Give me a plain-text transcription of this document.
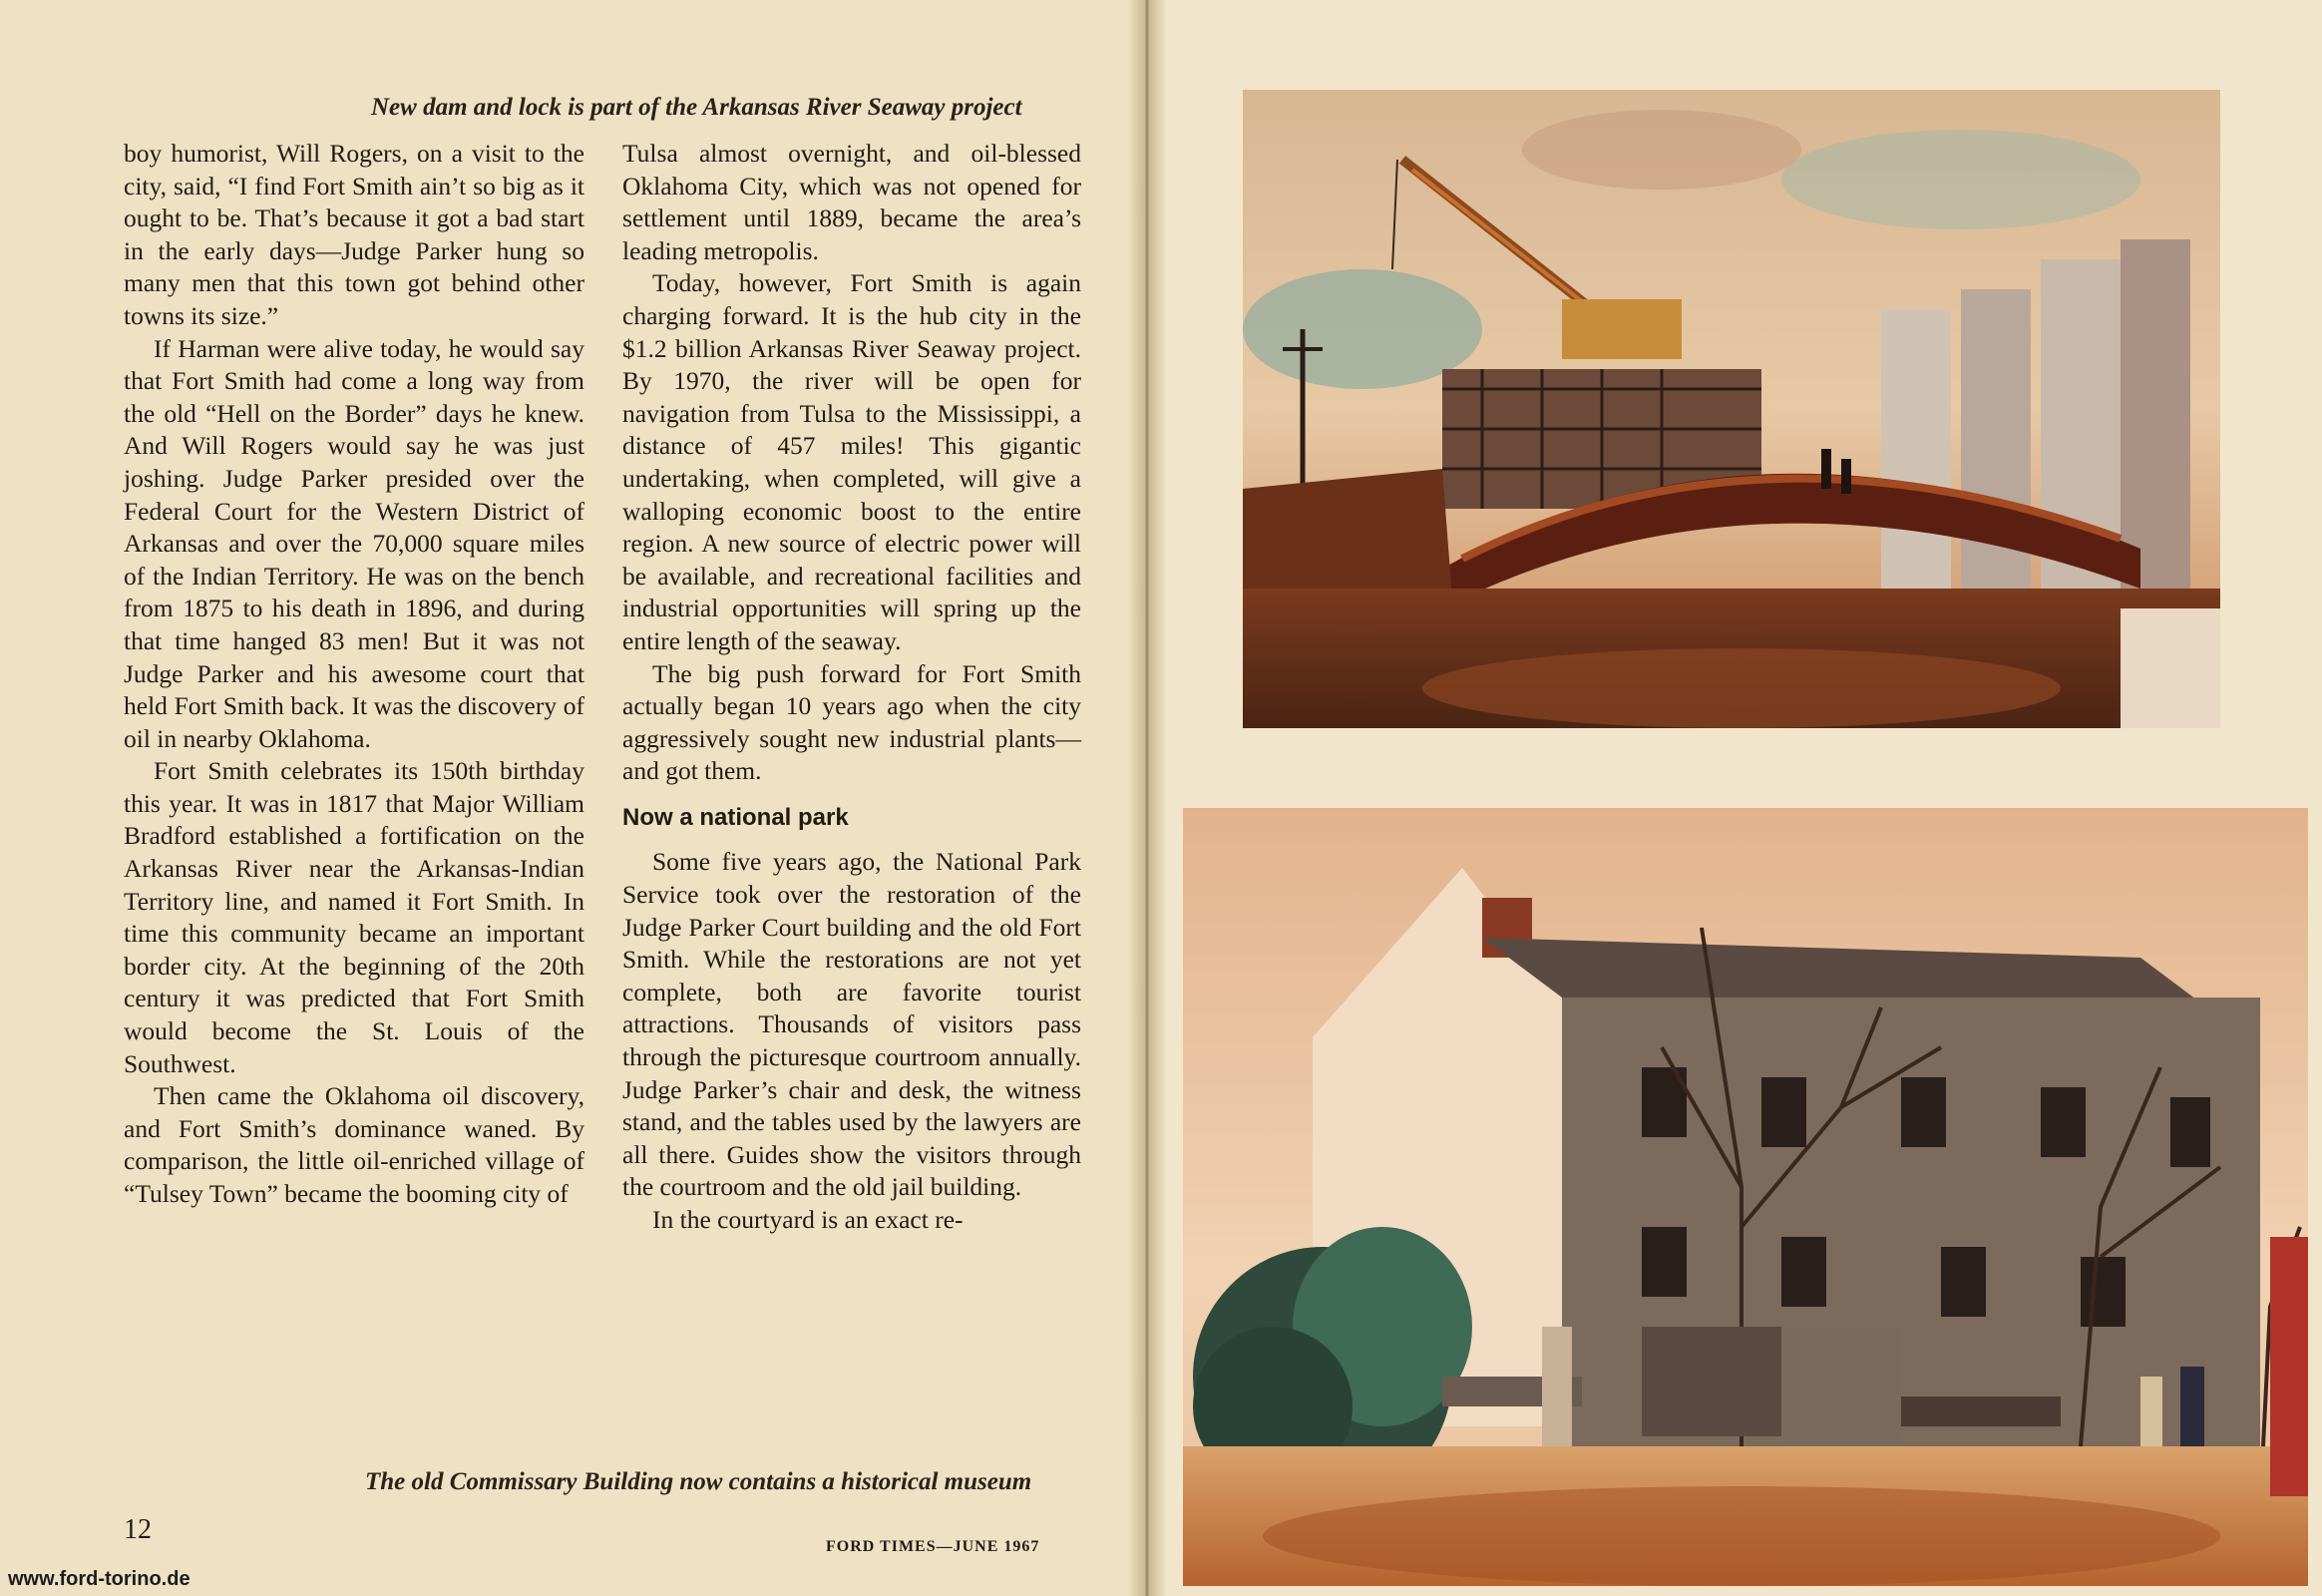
New dam and lock is part of the Arkansas River Seaway project

boy humorist, Will Rogers, on a visit to the city, said, “I find Fort Smith ain’t so big as it ought to be. That’s because it got a bad start in the early days—Judge Parker hung so many men that this town got behind other towns its size.”

If Harman were alive today, he would say that Fort Smith had come a long way from the old “Hell on the Border” days he knew. And Will Rogers would say he was just joshing. Judge Parker presided over the Federal Court for the Western District of Arkansas and over the 70,000 square miles of the Indian Territory. He was on the bench from 1875 to his death in 1896, and during that time hanged 83 men! But it was not Judge Parker and his awesome court that held Fort Smith back. It was the discovery of oil in nearby Oklahoma.

Fort Smith celebrates its 150th birthday this year. It was in 1817 that Major William Bradford established a fortification on the Arkansas River near the Arkansas-Indian Territory line, and named it Fort Smith. In time this community became an important border city. At the beginning of the 20th century it was predicted that Fort Smith would become the St. Louis of the Southwest.

Then came the Oklahoma oil discovery, and Fort Smith’s dominance waned. By comparison, the little oil-enriched village of “Tulsey Town” became the booming city of

Tulsa almost overnight, and oil-blessed Oklahoma City, which was not opened for settlement until 1889, became the area’s leading metropolis.

Today, however, Fort Smith is again charging forward. It is the hub city in the $1.2 billion Arkansas River Seaway project. By 1970, the river will be open for navigation from Tulsa to the Mississippi, a distance of 457 miles! This gigantic undertaking, when completed, will give a walloping economic boost to the entire region. A new source of electric power will be available, and recreational facilities and industrial opportunities will spring up the entire length of the seaway.

The big push forward for Fort Smith actually began 10 years ago when the city aggressively sought new industrial plants—and got them.

Now a national park

Some five years ago, the National Park Service took over the restoration of the Judge Parker Court building and the old Fort Smith. While the restorations are not yet complete, both are favorite tourist attractions. Thousands of visitors pass through the picturesque courtroom annually. Judge Parker’s chair and desk, the witness stand, and the tables used by the lawyers are all there. Guides show the visitors through the courtroom and the old jail building.

In the courtyard is an exact re-

The old Commissary Building now contains a historical museum
12
FORD TIMES—JUNE 1967
www.ford-torino.de
